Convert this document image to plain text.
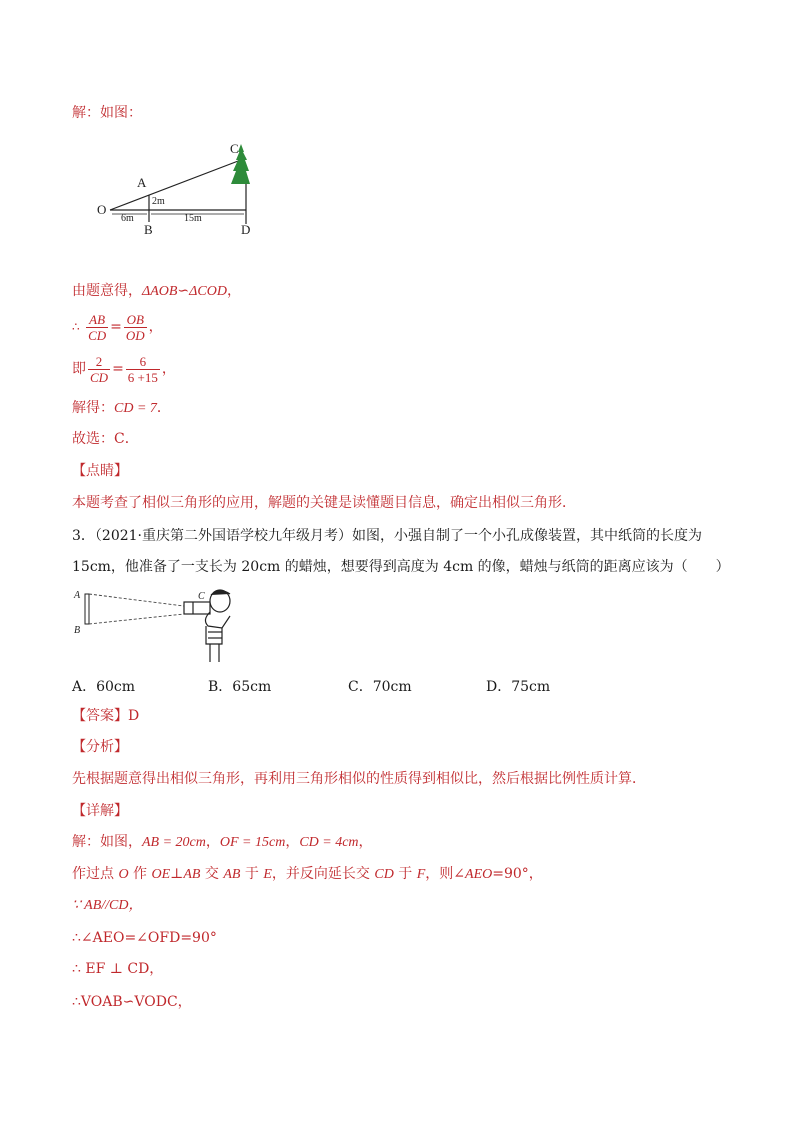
解：如图：
C
A
O
B	D
2m
6m	15m
由题意得，ΔAOB∽ΔCOD，
∴ $\frac{AB}{CD} = \frac{OB}{OD}$ ，
即 $\frac{2}{CD} = \frac{6}{6 +15}$ ，
解得：CD = 7．
故选：C．
【点睛】
本题考查了相似三角形的应用，解题的关键是读懂题目信息，确定出相似三角形．
3．（2021·重庆第二外国语学校九年级月考）如图，小强自制了一个小孔成像装置，其中纸筒的长度为
15cm，他准备了一支长为 20cm 的蜡烛，想要得到高度为 4cm 的像，蜡烛与纸筒的距离应该为（　　）
A
B
C
A．60cm	B．65cm	C．70cm	D．75cm
【答案】D
【分析】
先根据题意得出相似三角形，再利用三角形相似的性质得到相似比，然后根据比例性质计算．
【详解】
解：如图，AB = 20cm，OF = 15cm，CD = 4cm，
作过点 O 作 OE⊥AB 交 AB 于 E，并反向延长交 CD 于 F，则∠AEO=90°，
∵ AB//CD，
∴∠AEO=∠OFD=90°
∴ EF ⊥ CD，
∴VOAB∽VODC，
